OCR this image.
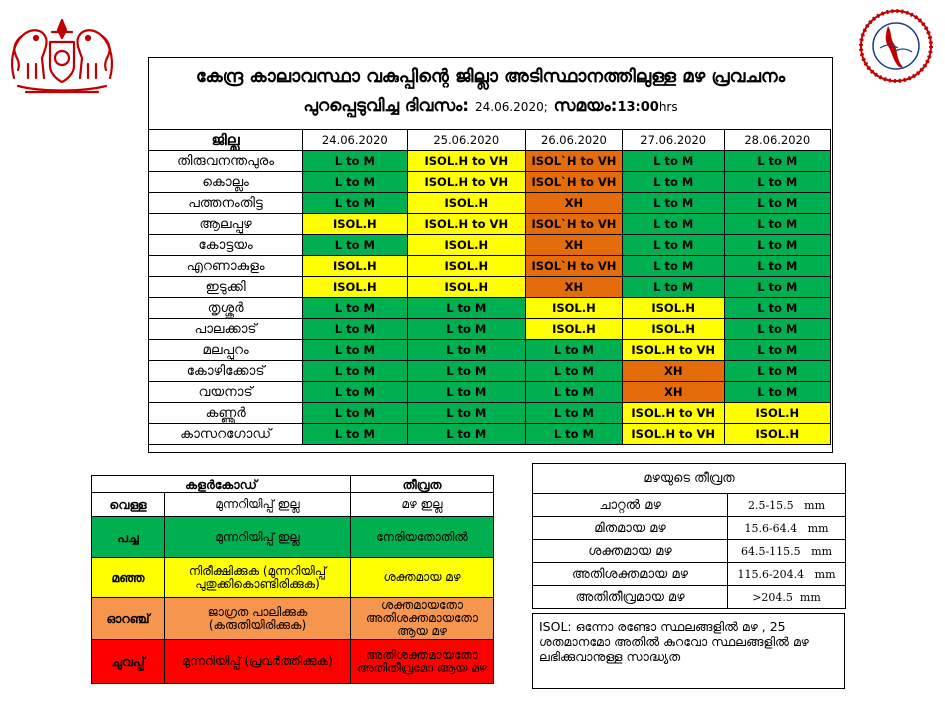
കേന്ദ്ര കാലാവസ്ഥാ വകുപ്പിന്റെ ജില്ലാ അടിസ്ഥാനത്തിലുള്ള മഴ പ്രവചനം
പുറപ്പെടുവിച്ച ദിവസം: 24.06.2020; സമയം:13:00hrs
ജില്ല	24.06.2020	25.06.2020	26.06.2020	27.06.2020	28.06.2020
തിരുവനന്തപുരം	L to M	ISOL.H to VH	ISOL`H to VH	L to M	L to M
കൊല്ലം	L to M	ISOL.H to VH	ISOL`H to VH	L to M	L to M
പത്തനംതിട്ട	L to M	ISOL.H	XH	L to M	L to M
ആലപ്പുഴ	ISOL.H	ISOL.H to VH	ISOL`H to VH	L to M	L to M
കോട്ടയം	L to M	ISOL.H	XH	L to M	L to M
എറണാകുളം	ISOL.H	ISOL.H	ISOL`H to VH	L to M	L to M
ഇടുക്കി	ISOL.H	ISOL.H	XH	L to M	L to M
തൃശ്ശൂർ	L to M	L to M	ISOL.H	ISOL.H	L to M
പാലക്കാട്	L to M	L to M	ISOL.H	ISOL.H	L to M
മലപ്പുറം	L to M	L to M	L to M	ISOL.H to VH	L to M
കോഴിക്കോട്	L to M	L to M	L to M	XH	L to M
വയനാട്	L to M	L to M	L to M	XH	L to M
കണ്ണൂർ	L to M	L to M	L to M	ISOL.H to VH	ISOL.H
കാസറഗോഡ്	L to M	L to M	L to M	ISOL.H to VH	ISOL.H
കളർകോഡ്		തീവ്രത
വെള്ള	മുന്നറിയിപ്പ് ഇല്ല	മഴ ഇല്ല
പച്ച	മുന്നറിയിപ്പ് ഇല്ല	നേരിയതോതിൽ
മഞ്ഞ	നിരീക്ഷിക്കുക (മുന്നറിയിപ്പ് പുതുക്കികൊണ്ടിരിക്കുക)	ശക്തമായ മഴ
ഓറഞ്ച്	ജാഗ്രത പാലിക്കുക (കരുതിയിരിക്കുക)	ശക്തമായതോ അതിശക്തമായതോ ആയ മഴ
ചുവപ്പ്	മുന്നറിയിപ്പ് (പ്രവർത്തിക്കുക)	അതിശക്തമായതോ അതിതീവ്രമോ ആയ മഴ
മഴയുടെ തീവ്രത	
ചാറ്റൽ മഴ	2.5-15.5   mm
മിതമായ മഴ	15.6-64.4   mm
ശക്തമായ മഴ	64.5-115.5   mm
അതിശക്തമായ മഴ	115.6-204.4   mm
അതിതീവ്രമായ മഴ	>204.5  mm
ISOL: ഒന്നോ രണ്ടോ സ്ഥലങ്ങളിൽ മഴ , 25 ശതമാനമോ അതിൽ കുറവോ സ്ഥലങ്ങളിൽ മഴ ലഭിക്കുവാനുള്ള സാദ്ധ്യത
